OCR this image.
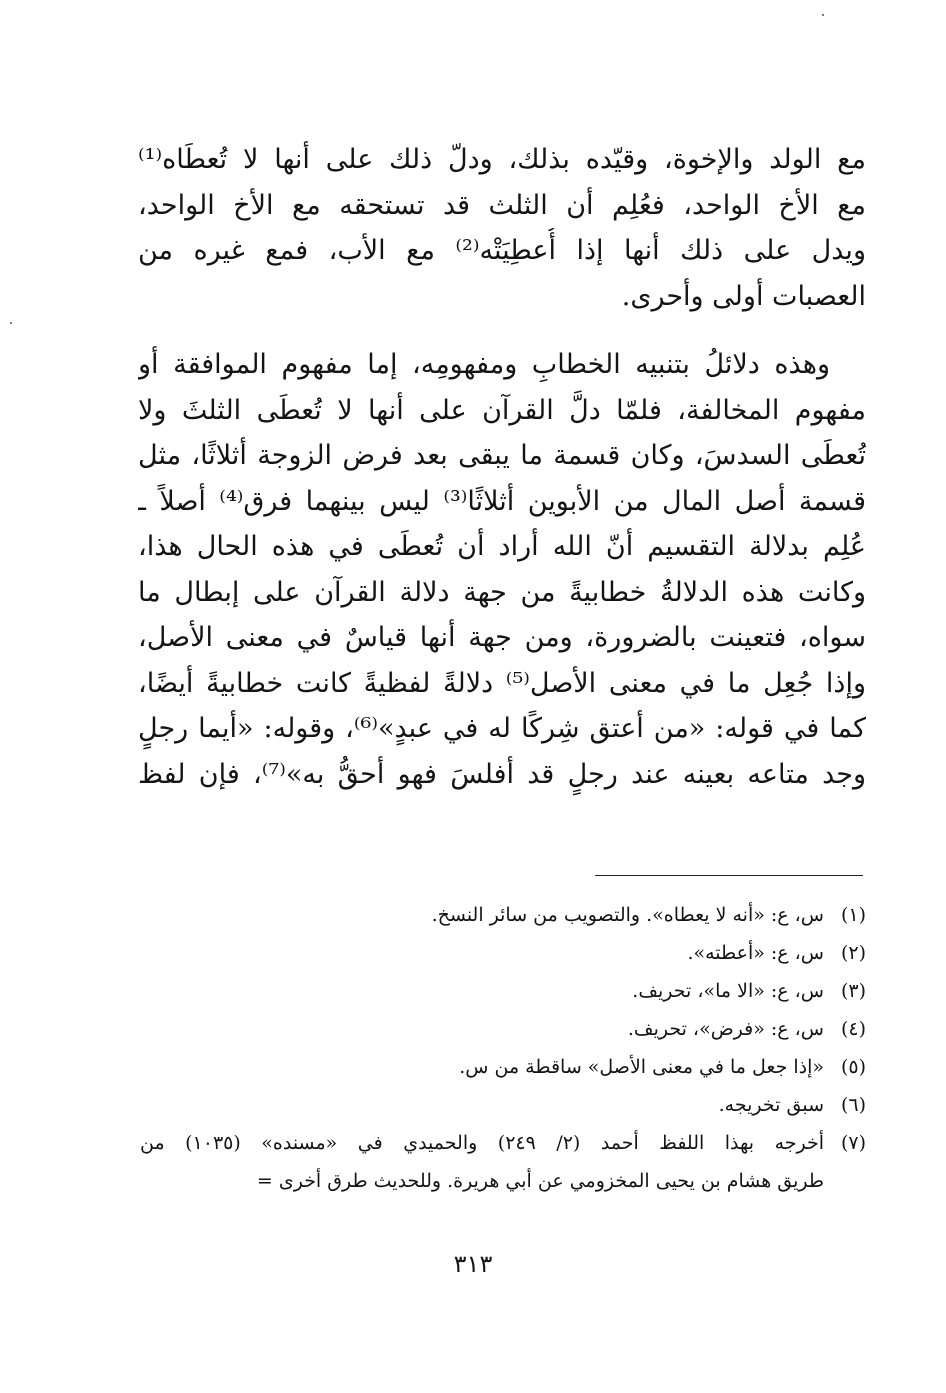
مع الولد والإخوة، وقيّده بذلك، ودلّ ذلك على أنها لا تُعطَاه⁽¹⁾
مع الأخ الواحد، فعُلِم أن الثلث قد تستحقه مع الأخ الواحد،
ويدل على ذلك أنها إذا أُعطِيَتْه⁽²⁾ مع الأب، فمع غيره من
العصبات أولى وأحرى.
وهذه دلائلُ بتنبيه الخطابِ ومفهومِه، إما مفهوم الموافقة أو
مفهوم المخالفة، فلمّا دلَّ القرآن على أنها لا تُعطَى الثلثَ ولا
تُعطَى السدسَ، وكان قسمة ما يبقى بعد فرض الزوجة أثلاثًا، مثل
قسمة أصل المال من الأبوين أثلاثًا⁽³⁾ ليس بينهما فرق⁽⁴⁾ أصلاً ـ
عُلِم بدلالة التقسيم أنّ الله أراد أن تُعطَى في هذه الحال هذا،
وكانت هذه الدلالةُ خطابيةً من جهة دلالة القرآن على إبطال ما
سواه، فتعينت بالضرورة، ومن جهة أنها قياسٌ في معنى الأصل،
وإذا جُعِل ما في معنى الأصل⁽⁵⁾ دلالةً لفظيةً كانت خطابيةً أيضًا،
كما في قوله: «من أعتق شِركًا له في عبدٍ»⁽⁶⁾، وقوله: «أيما رجلٍ
وجد متاعه بعينه عند رجلٍ قد أفلسَ فهو أحقُّ به»⁽⁷⁾، فإن لفظ
(١)
س، ع: «أنه لا يعطاه». والتصويب من سائر النسخ.
(٢)
س، ع: «أعطته».
(٣)
س، ع: «الا ما»، تحريف.
(٤)
س، ع: «فرض»، تحريف.
(٥)
«إذا جعل ما في معنى الأصل» ساقطة من س.
(٦)
سبق تخريجه.
(٧)
أخرجه بهذا اللفظ أحمد (٢/ ٢٤٩) والحميدي في «مسنده» (١٠٣٥) من
طريق هشام بن يحيى المخزومي عن أبي هريرة. وللحديث طرق أخرى =
٣١٣
